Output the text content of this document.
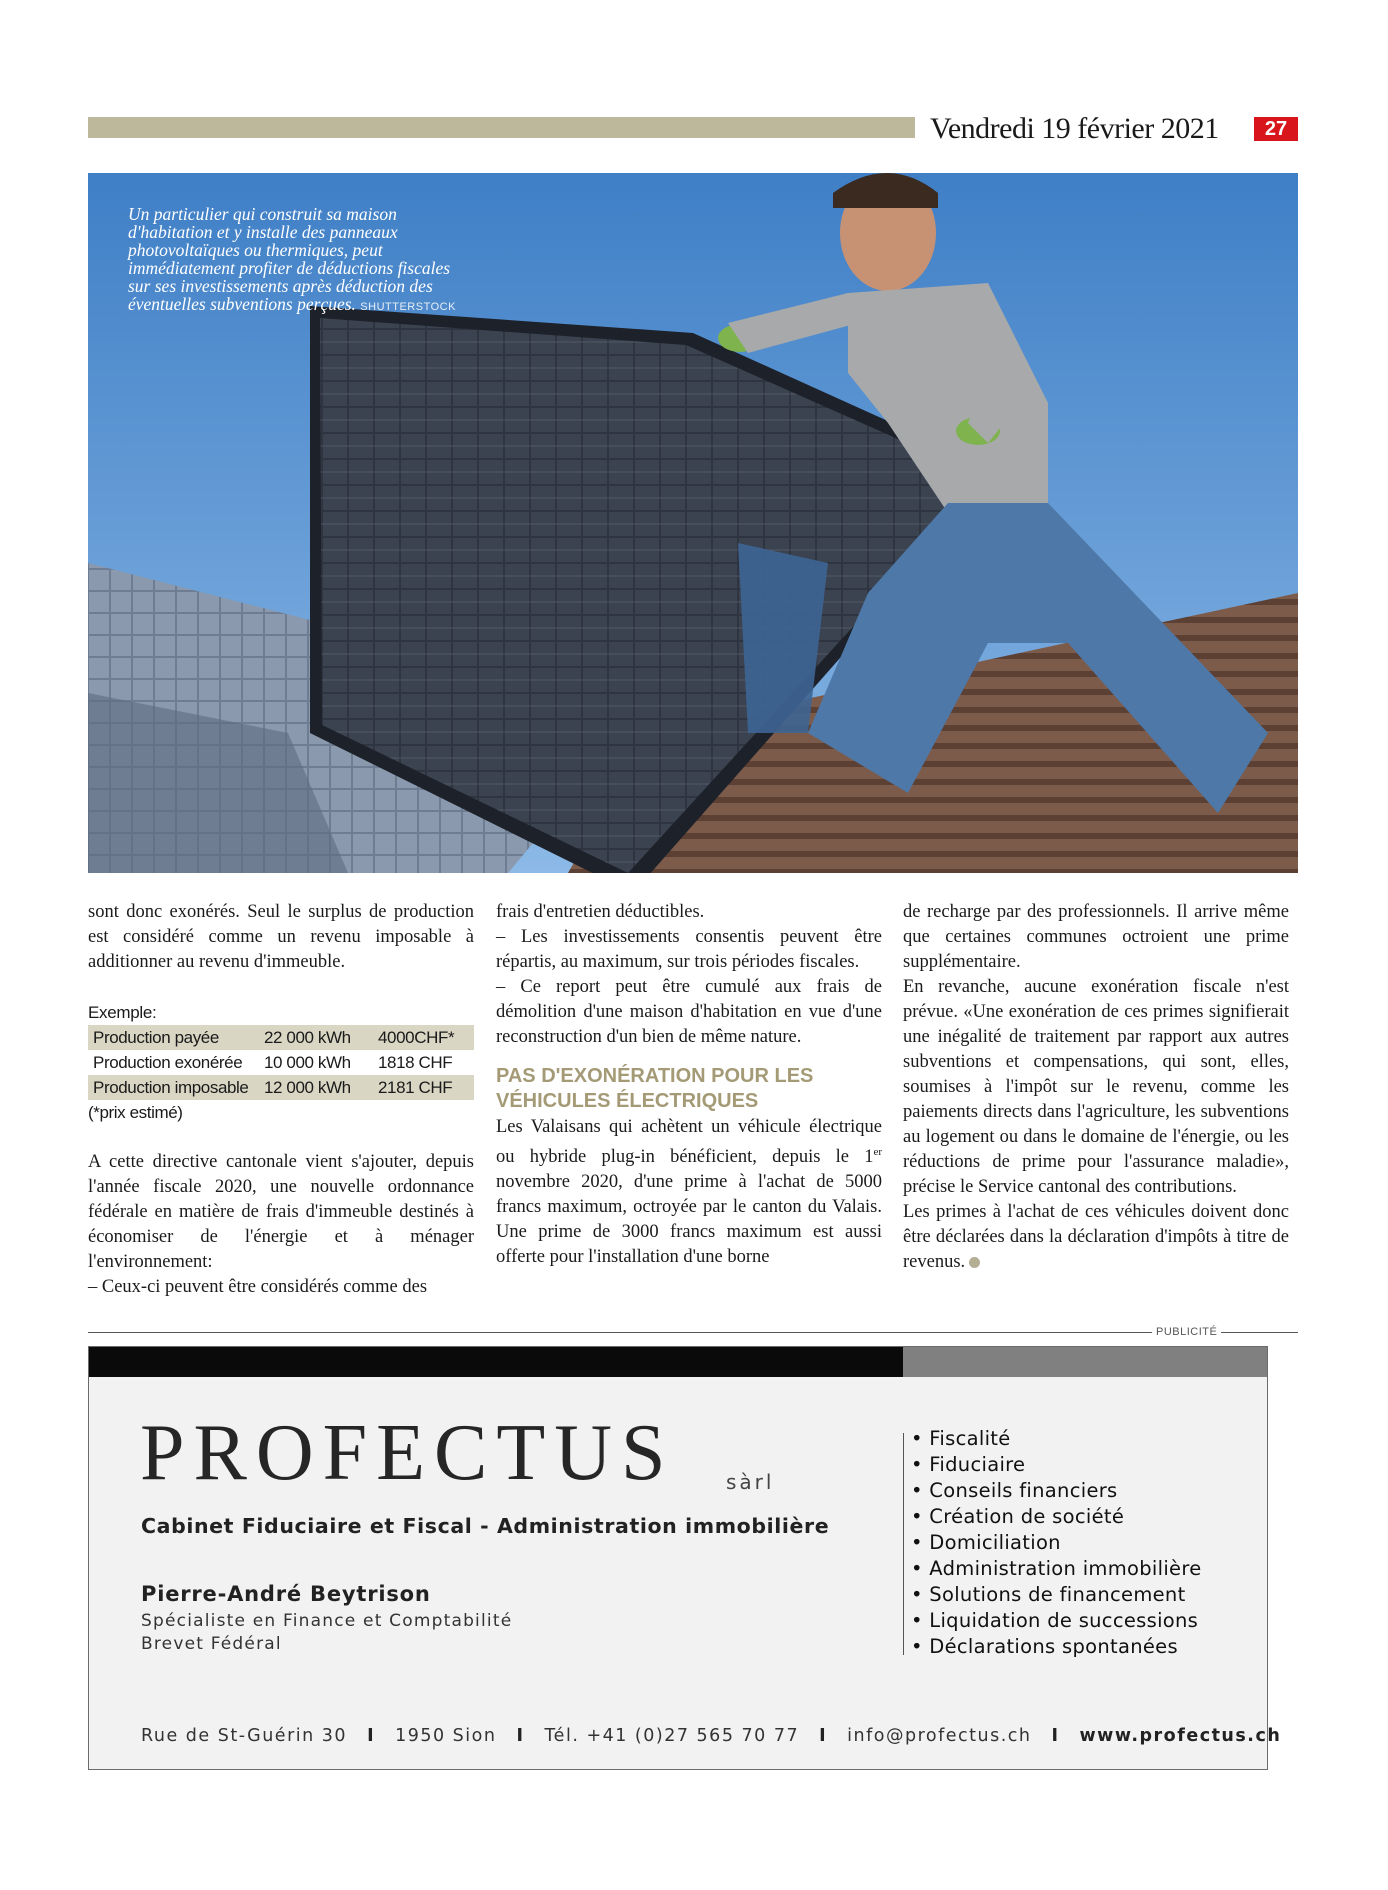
Vendredi 19 février 2021	27
Un particulier qui construit sa maison d'habitation et y installe des panneaux photovoltaïques ou thermiques, peut immédiatement profiter de déductions fiscales sur ses investissements après déduction des éventuelles subventions perçues. SHUTTERSTOCK

sont donc exonérés. Seul le surplus de production est considéré comme un revenu imposable à additionner au revenu d'immeuble.

Exemple:
Production payée	22 000 kWh	4000CHF*
Production exonérée	10 000 kWh	1818 CHF
Production imposable 12 000 kWh	2181 CHF
(*prix estimé)

A cette directive cantonale vient s'ajouter, depuis l'année fiscale 2020, une nouvelle ordonnance fédérale en matière de frais d'immeuble destinés à économiser de l'énergie et à ménager l'environnement:

– Ceux-ci peuvent être considérés comme des

frais d'entretien déductibles.

– Les investissements consentis peuvent être répartis, au maximum, sur trois périodes fiscales.

– Ce report peut être cumulé aux frais de démolition d'une maison d'habitation en vue d'une reconstruction d'un bien de même nature.

PAS D'EXONÉRATION POUR LES VÉHICULES ÉLECTRIQUES

Les Valaisans qui achètent un véhicule électrique ou hybride plug-in bénéficient, depuis le 1er novembre 2020, d'une prime à l'achat de 5000 francs maximum, octroyée par le canton du Valais. Une prime de 3000 francs maximum est aussi offerte pour l'installation d'une borne

de recharge par des professionnels. Il arrive même que certaines communes octroient une prime supplémentaire.

En revanche, aucune exonération fiscale n'est prévue. «Une exonération de ces primes signifierait une inégalité de traitement par rapport aux autres subventions et compensations, qui sont, elles, soumises à l'impôt sur le revenu, comme les paiements directs dans l'agriculture, les subventions au logement ou dans le domaine de l'énergie, ou les réductions de prime pour l'assurance maladie», précise le Service cantonal des contributions.

Les primes à l'achat de ces véhicules doivent donc être déclarées dans la déclaration d'impôts à titre de revenus.

PUBLICITÉ
PROFECTUS	sàrl
Cabinet Fiduciaire et Fiscal - Administration immobilière
Pierre-André Beytrison
Spécialiste en Finance et Comptabilité
Brevet Fédéral
• Fiscalité
• Fiduciaire
• Conseils financiers
• Création de société
• Domiciliation
• Administration immobilière
• Solutions de financement
• Liquidation de successions
• Déclarations spontanées
Rue de St-Guérin 30 I 1950 Sion I Tél. +41 (0)27 565 70 77 I info@profectus.ch I www.profectus.ch
